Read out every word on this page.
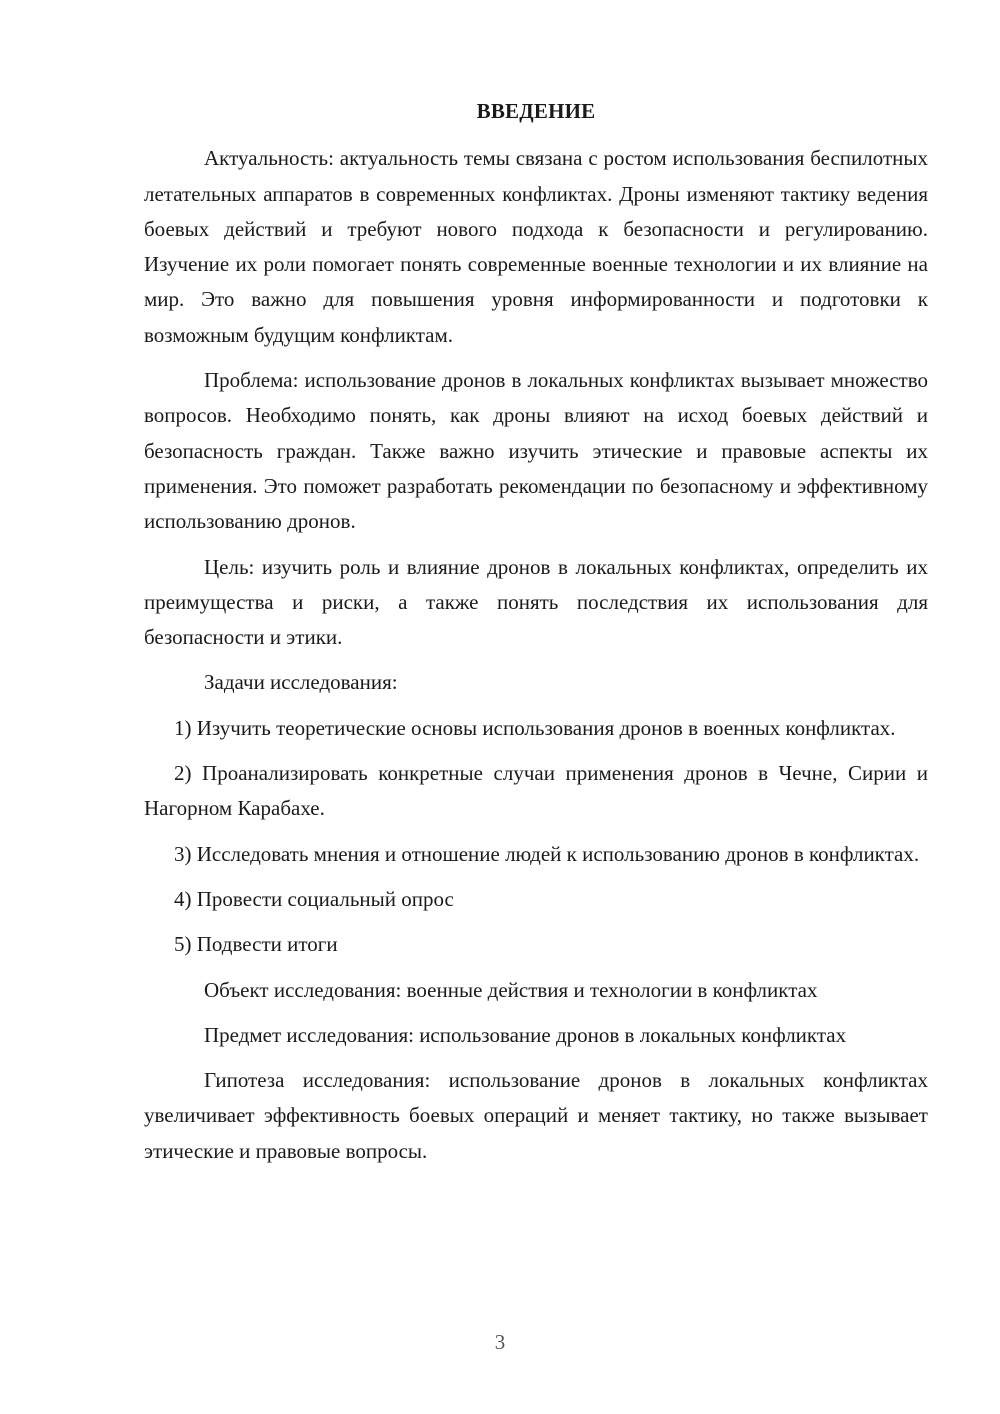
ВВЕДЕНИЕ

Актуальность: актуальность темы связана с ростом использования беспилотных летательных аппаратов в современных конфликтах. Дроны изменяют тактику ведения боевых действий и требуют нового подхода к безопасности и регулированию. Изучение их роли помогает понять современные военные технологии и их влияние на мир. Это важно для повышения уровня информированности и подготовки к возможным будущим конфликтам.

Проблема: использование дронов в локальных конфликтах вызывает множество вопросов. Необходимо понять, как дроны влияют на исход боевых действий и безопасность граждан. Также важно изучить этические и правовые аспекты их применения. Это поможет разработать рекомендации по безопасному и эффективному использованию дронов.

Цель: изучить роль и влияние дронов в локальных конфликтах, определить их преимущества и риски, а также понять последствия их использования для безопасности и этики.

Задачи исследования:

1) Изучить теоретические основы использования дронов в военных конфликтах.

2) Проанализировать конкретные случаи применения дронов в Чечне, Сирии и Нагорном Карабахе.

3) Исследовать мнения и отношение людей к использованию дронов в конфликтах.

4) Провести социальный опрос

5) Подвести итоги

Объект исследования: военные действия и технологии в конфликтах

Предмет исследования: использование дронов в локальных конфликтах

Гипотеза исследования: использование дронов в локальных конфликтах увеличивает эффективность боевых операций и меняет тактику, но также вызывает этические и правовые вопросы.

3
